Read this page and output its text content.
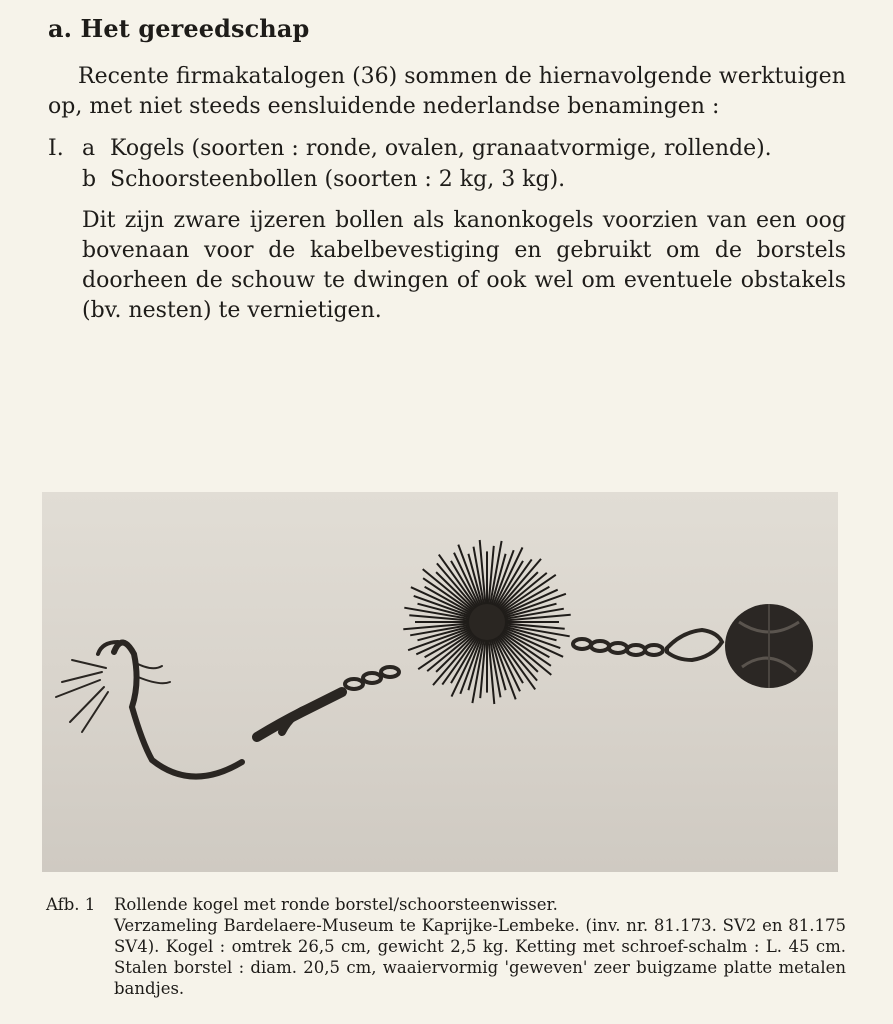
a. Het gereedschap
Recente firmakatalogen (36) sommen de hiernavolgende werktuigen
op, met niet steeds eensluidende nederlandse benamingen :
I. a Kogels (soorten : ronde, ovalen, granaatvormige, rollende).
b Schoorsteenbollen (soorten : 2 kg, 3 kg).
Dit zijn zware ijzeren bollen als kanonkogels voorzien van een oog bovenaan voor de kabelbevestiging en gebruikt om de borstels doorheen de schouw te dwingen of ook wel om eventuele obstakels (bv. nesten) te vernietigen.
Afb. 1	Rollende kogel met ronde borstel/schoorsteenwisser.
Verzameling Bardelaere-Museum te Kaprijke-Lembeke. (inv. nr. 81.173. SV2 en 81.175 SV4). Kogel : omtrek 26,5 cm, gewicht 2,5 kg. Ketting met schroef-schalm : L. 45 cm. Stalen borstel : diam. 20,5 cm, waaiervormig 'geweven' zeer buigzame platte metalen bandjes.
